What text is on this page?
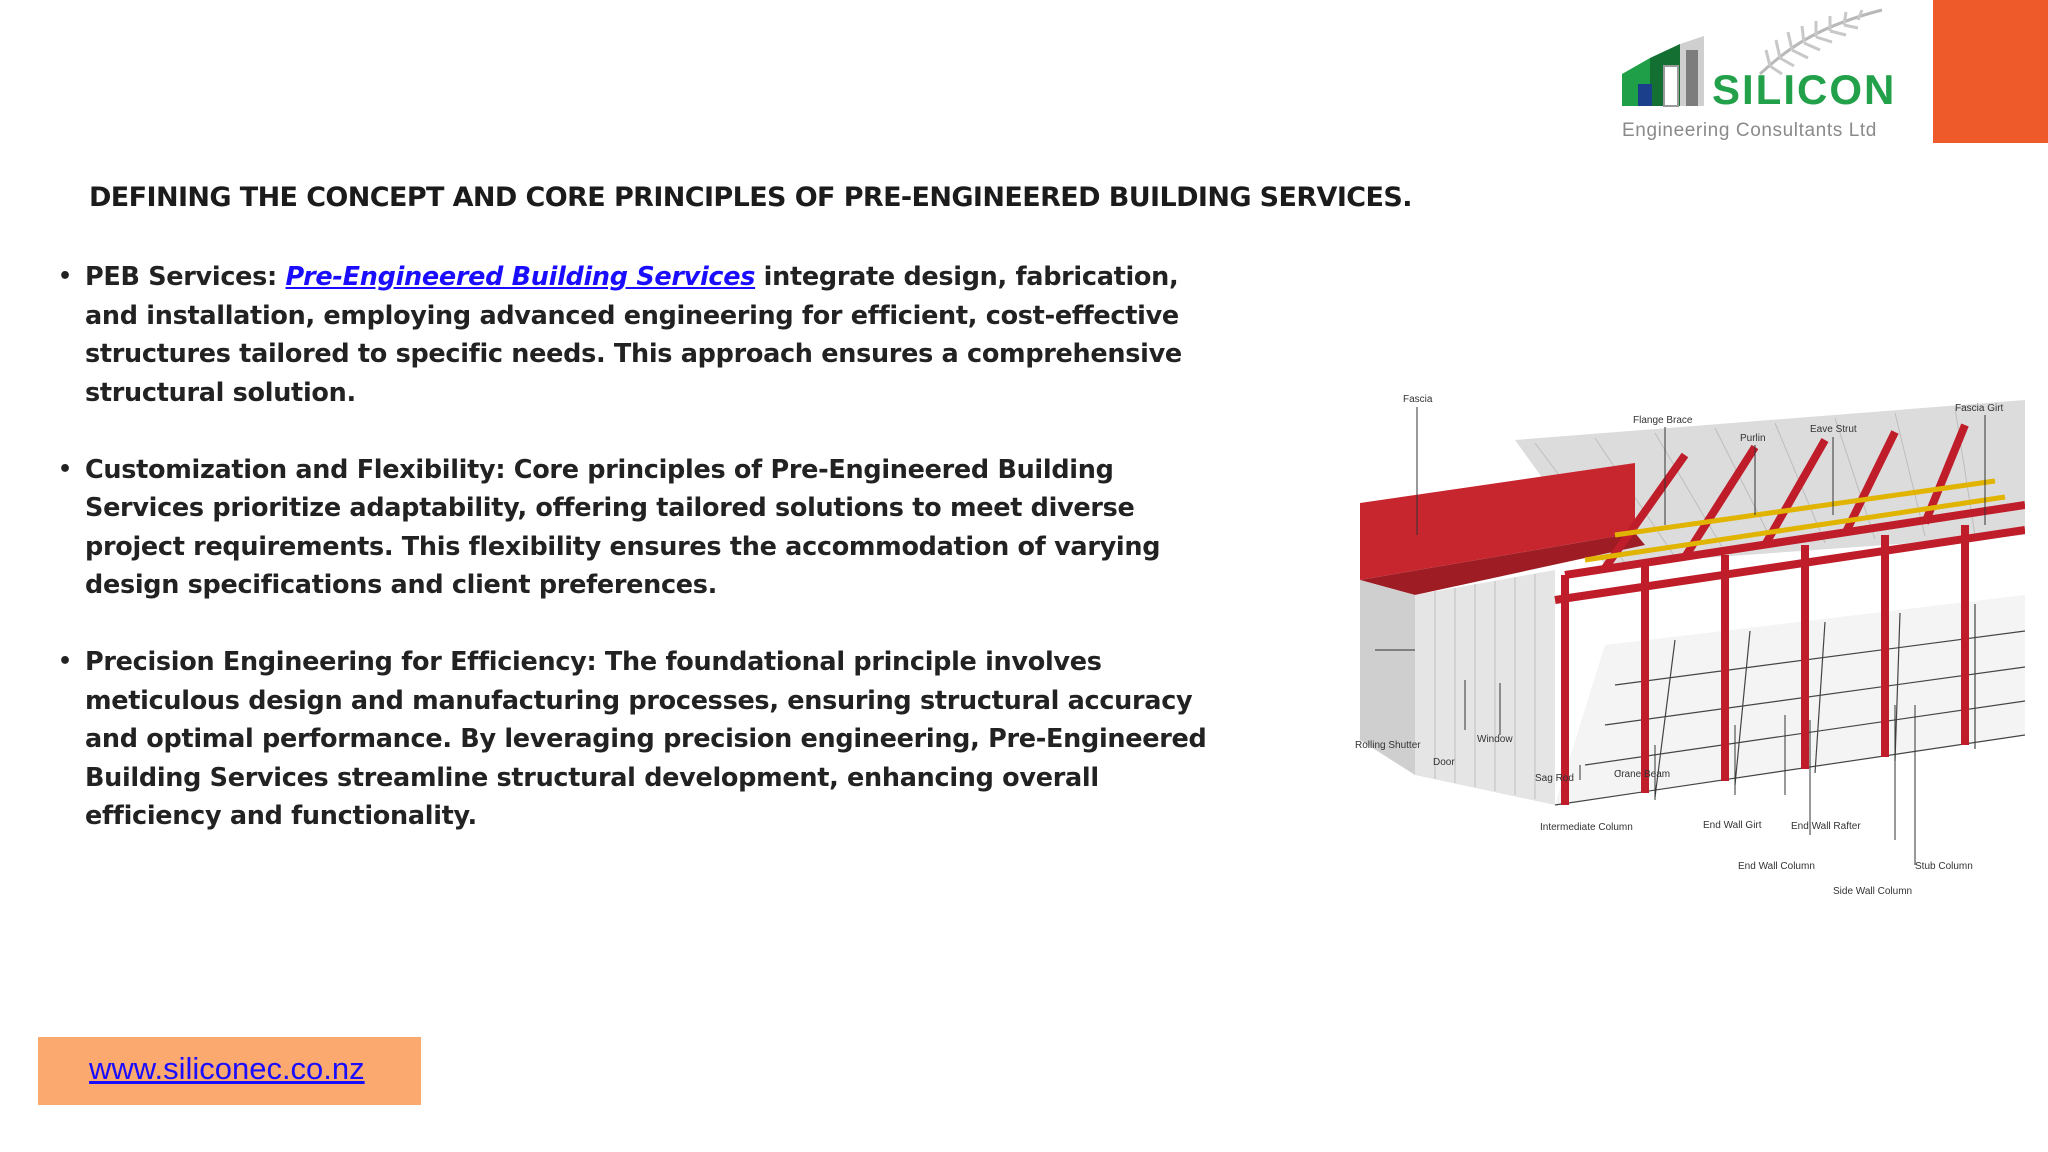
SILICON
Engineering Consultants Ltd
DEFINING THE CONCEPT AND CORE PRINCIPLES OF PRE-ENGINEERED BUILDING SERVICES.
• PEB Services: Pre-Engineered Building Services integrate design, fabrication, and installation, employing advanced engineering for efficient, cost-effective structures tailored to specific needs. This approach ensures a comprehensive structural solution.
• Customization and Flexibility: Core principles of Pre-Engineered Building Services prioritize adaptability, offering tailored solutions to meet diverse project requirements. This flexibility ensures the accommodation of varying design specifications and client preferences.
• Precision Engineering for Efficiency: The foundational principle involves meticulous design and manufacturing processes, ensuring structural accuracy and optimal performance. By leveraging precision engineering, Pre-Engineered Building Services streamline structural development, enhancing overall efficiency and functionality.
Fascia
Flange Brace
Purlin
Eave Strut
Fascia Girt
Rolling Shutter
Door
Window
Sag Rod	Crane Beam
Intermediate Column	End Wall Girt	End Wall Rafter
End Wall Column	Stub Column
Side Wall Column
www.siliconec.co.nz
